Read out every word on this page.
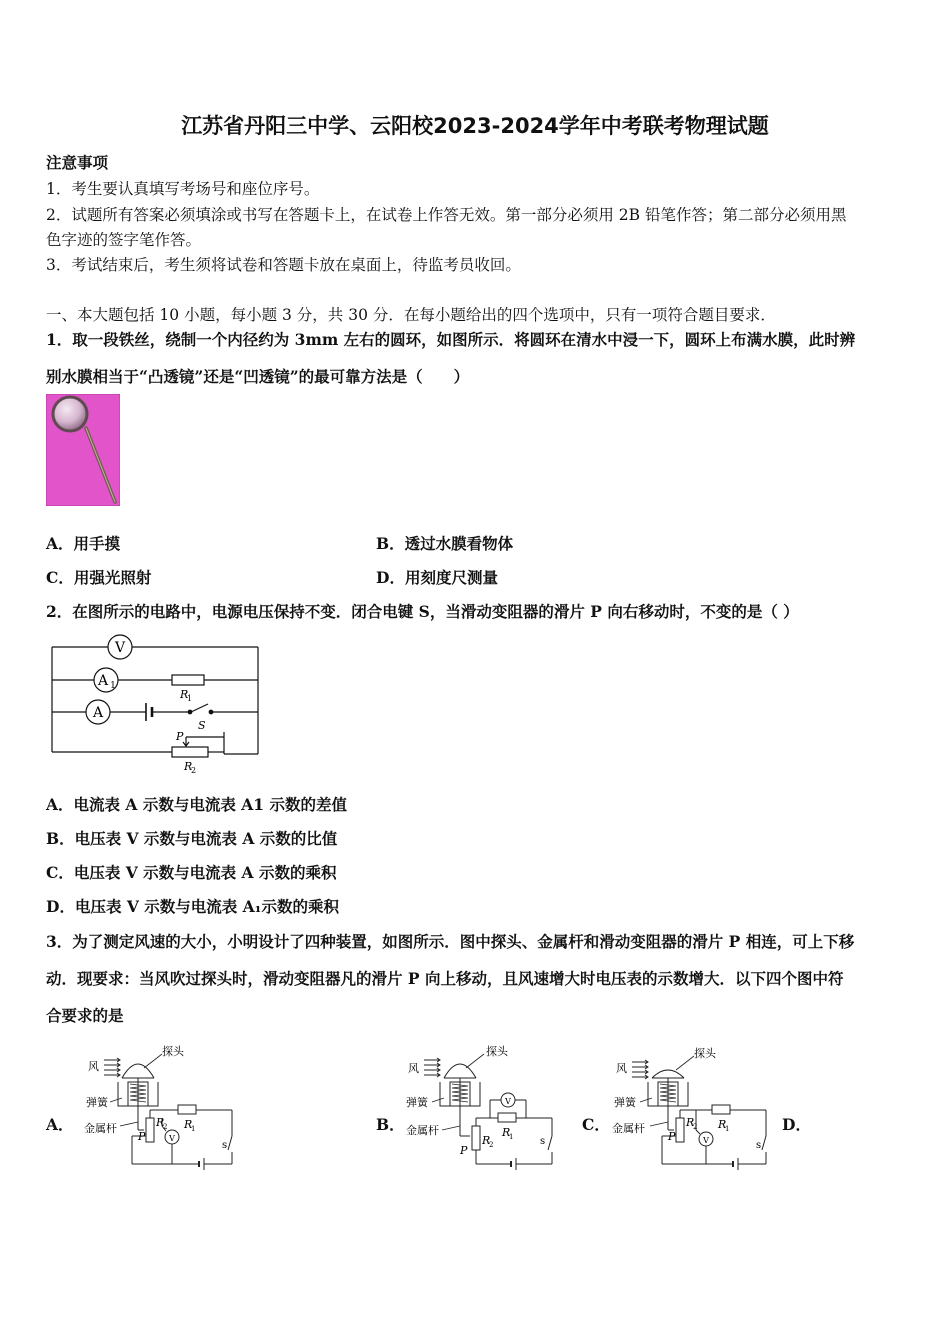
江苏省丹阳三中学、云阳校2023-2024学年中考联考物理试题
注意事项
1．考生要认真填写考场号和座位序号。
2．试题所有答案必须填涂或书写在答题卡上，在试卷上作答无效。第一部分必须用 2B 铅笔作答；第二部分必须用黑
色字迹的签字笔作答。
3．考试结束后，考生须将试卷和答题卡放在桌面上，待监考员收回。
一、本大题包括 10 小题，每小题 3 分，共 30 分．在每小题给出的四个选项中，只有一项符合题目要求．
1．取一段铁丝，绕制一个内径约为 3mm 左右的圆环，如图所示．将圆环在清水中浸一下，圆环上布满水膜，此时辨
别水膜相当于“凸透镜”还是“凹透镜”的最可靠方法是（　　）
A．用手摸	B．透过水膜看物体
C．用强光照射	D．用刻度尺测量
2．在图所示的电路中，电源电压保持不变．闭合电键 S，当滑动变阻器的滑片 P 向右移动时，不变的是（ ）
V
A 1
A
R
1
S
P
R
2
A．电流表 A 示数与电流表 A1 示数的差值
B．电压表 V 示数与电流表 A 示数的比值
C．电压表 V 示数与电流表 A 示数的乘积
D．电压表 V 示数与电流表 A₁示数的乘积
3．为了测定风速的大小，小明设计了四种装置，如图所示．图中探头、金属杆和滑动变阻器的滑片 P 相连，可上下移
动．现要求：当风吹过探头时，滑动变阻器凡的滑片 P 向上移动，且风速增大时电压表的示数增大．以下四个图中符
合要求的是
A．	B．	C．	D．
风
探头
弹簧
金属杆
P
R
2 R
1
V
s
风
探头
弹簧
金属杆
P
R
2
R
1
V
s
风
探头
弹簧
金属杆
P
R
2 R
1
V	s
